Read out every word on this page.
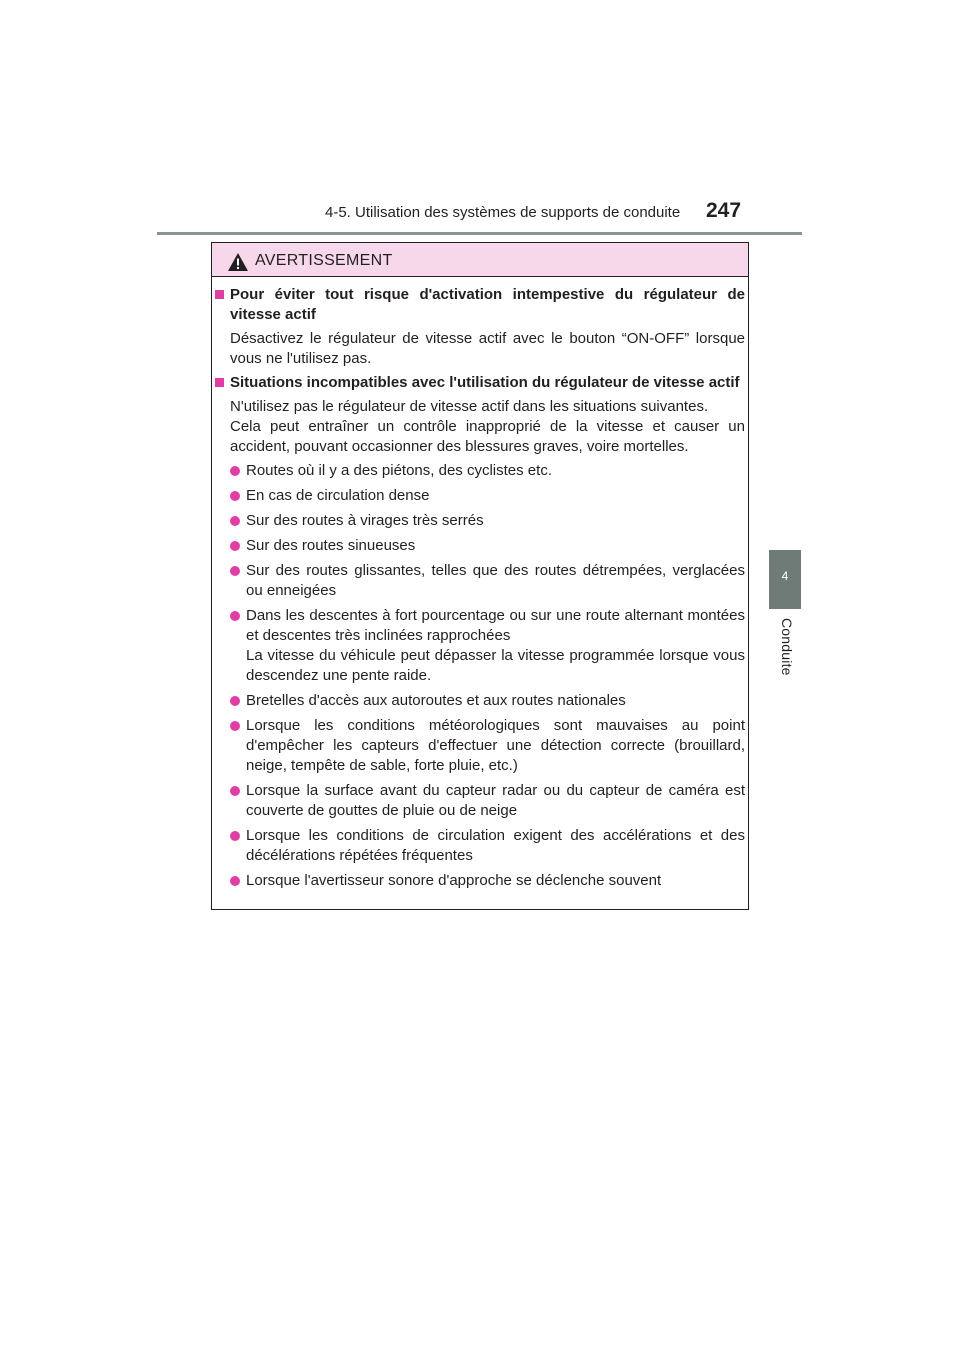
4-5. Utilisation des systèmes de supports de conduite 247
4
Conduite
AVERTISSEMENT
Pour éviter tout risque d'activation intempestive du régulateur de vitesse actif
Désactivez le régulateur de vitesse actif avec le bouton “ON-OFF” lorsque vous ne l'utilisez pas.
Situations incompatibles avec l'utilisation du régulateur de vitesse actif
N'utilisez pas le régulateur de vitesse actif dans les situations suivantes.
Cela peut entraîner un contrôle inapproprié de la vitesse et causer un accident, pouvant occasionner des blessures graves, voire mortelles.
Routes où il y a des piétons, des cyclistes etc.
En cas de circulation dense
Sur des routes à virages très serrés
Sur des routes sinueuses
Sur des routes glissantes, telles que des routes détrempées, verglacées ou enneigées
Dans les descentes à fort pourcentage ou sur une route alternant montées et descentes très inclinées rapprochées
La vitesse du véhicule peut dépasser la vitesse programmée lorsque vous descendez une pente raide.
Bretelles d'accès aux autoroutes et aux routes nationales
Lorsque les conditions météorologiques sont mauvaises au point d'empêcher les capteurs d'effectuer une détection correcte (brouillard, neige, tempête de sable, forte pluie, etc.)
Lorsque la surface avant du capteur radar ou du capteur de caméra est couverte de gouttes de pluie ou de neige
Lorsque les conditions de circulation exigent des accélérations et des décélérations répétées fréquentes
Lorsque l'avertisseur sonore d'approche se déclenche souvent
